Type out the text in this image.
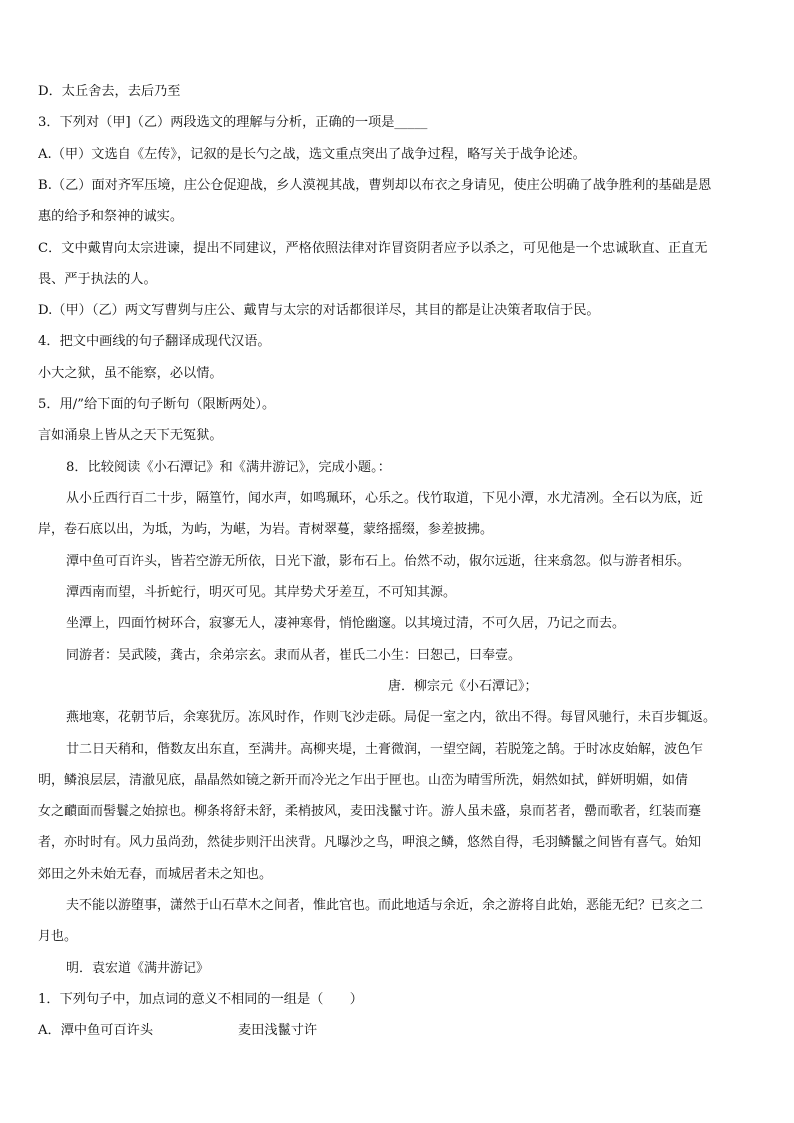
D．太丘舍去，去后乃至
3．下列对（甲]（乙）两段选文的理解与分析，正确的一项是_____
A.（甲）文选自《左传》，记叙的是长勺之战，选文重点突出了战争过程，略写关于战争论述。
B.（乙）面对齐军压境，庄公仓促迎战，乡人漠视其战，曹刿却以布衣之身请见，使庄公明确了战争胜利的基础是恩
惠的给予和祭神的诚实。
C．文中戴胄向太宗进谏，提出不同建议，严格依照法律对诈冒资阴者应予以杀之，可见他是一个忠诚耿直、正直无
畏、严于执法的人。
D.（甲）（乙）两文写曹刿与庄公、戴胄与太宗的对话都很详尽，其目的都是让决策者取信于民。
4．把文中画线的句子翻译成现代汉语。
小大之狱，虽不能察，必以情。
5．用/”给下面的句子断句（限断两处）。
言如涌泉上皆从之天下无冤狱。
8．比较阅读《小石潭记》和《满井游记》，完成小题。：
从小丘西行百二十步，隔篁竹，闻水声，如鸣珮环，心乐之。伐竹取道，下见小潭，水尤清冽。全石以为底，近
岸，卷石底以出，为坻，为屿，为嵁，为岩。青树翠蔓，蒙络摇缀，参差披拂。
潭中鱼可百许头，皆若空游无所依，日光下澈，影布石上。佁然不动，俶尔远逝，往来翕忽。似与游者相乐。
潭西南而望，斗折蛇行，明灭可见。其岸势犬牙差互，不可知其源。
坐潭上，四面竹树环合，寂寥无人，凄神寒骨，悄怆幽邃。以其境过清，不可久居，乃记之而去。
同游者：吴武陵，龚古，余弟宗玄。隶而从者，崔氏二小生：曰恕己，曰奉壹。
唐．柳宗元《小石潭记》；
燕地寒，花朝节后，余寒犹厉。冻风时作，作则飞沙走砾。局促一室之内，欲出不得。每冒风驰行，未百步辄返。
廿二日天稍和，偕数友出东直，至满井。高柳夹堤，土膏微润，一望空阔，若脱笼之鹄。于时冰皮始解，波色乍
明，鳞浪层层，清澈见底，晶晶然如镜之新开而冷光之乍出于匣也。山峦为晴雪所洗，娟然如拭，鲜妍明媚，如倩
女之靧面而髻鬟之始掠也。柳条将舒未舒，柔梢披风，麦田浅鬣寸许。游人虽未盛，泉而茗者，罍而歌者，红装而蹇
者，亦时时有。风力虽尚劲，然徒步则汗出浃背。凡曝沙之鸟，呷浪之鳞，悠然自得，毛羽鳞鬣之间皆有喜气。始知
郊田之外未始无春，而城居者未之知也。
夫不能以游堕事，潇然于山石草木之间者，惟此官也。而此地适与余近，余之游将自此始，恶能无纪？已亥之二
月也。
明．袁宏道《满井游记》
1．下列句子中，加点词的意义不相同的一组是（　　）
A．潭中鱼可百许头	麦田浅鬣寸许
